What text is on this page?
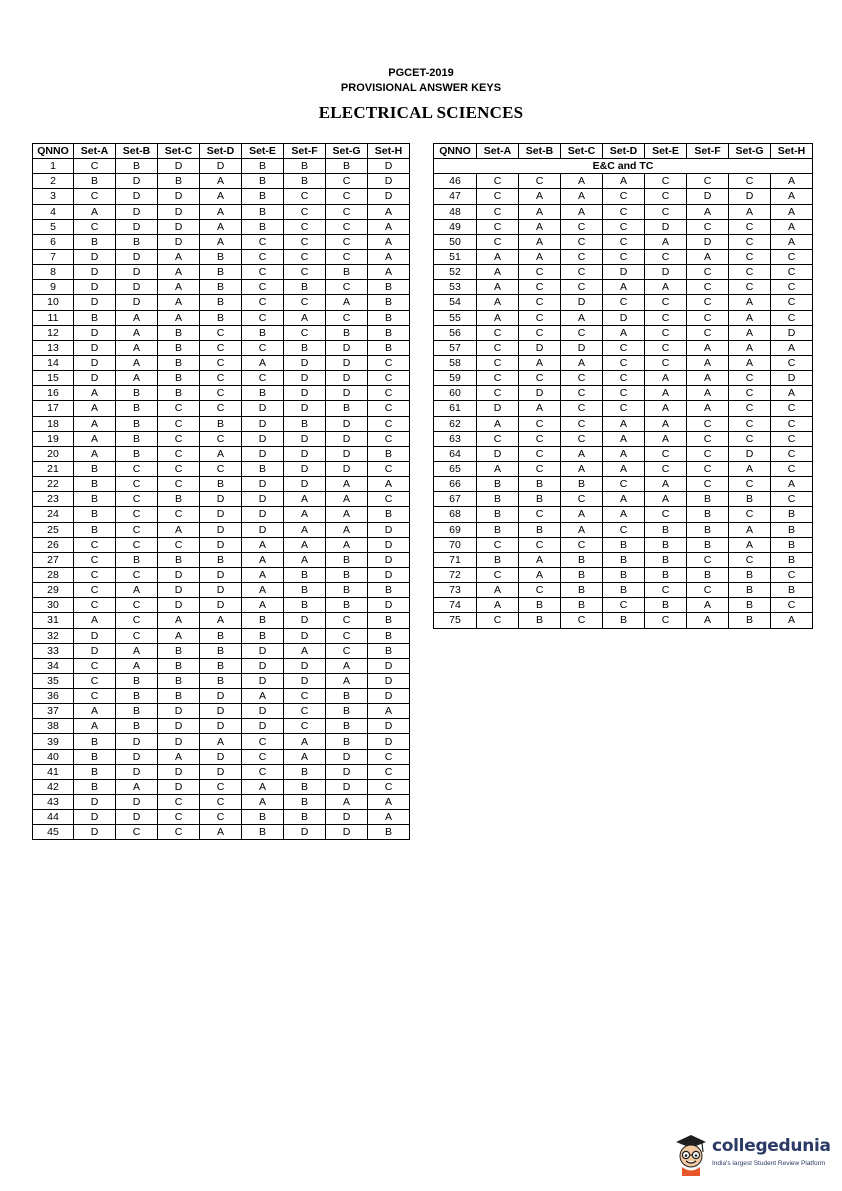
PGCET-2019
PROVISIONAL ANSWER KEYS
ELECTRICAL SCIENCES
QNNO	Set-A	Set-B	Set-C	Set-D	Set-E	Set-F	Set-G	Set-H
1	C	B	D	D	B	B	B	D
2	B	D	B	A	B	B	C	D
3	C	D	D	A	B	C	C	D
4	A	D	D	A	B	C	C	A
5	C	D	D	A	B	C	C	A
6	B	B	D	A	C	C	C	A
7	D	D	A	B	C	C	C	A
8	D	D	A	B	C	C	B	A
9	D	D	A	B	C	B	C	B
10	D	D	A	B	C	C	A	B
11	B	A	A	B	C	A	C	B
12	D	A	B	C	B	C	B	B
13	D	A	B	C	C	B	D	B
14	D	A	B	C	A	D	D	C
15	D	A	B	C	C	D	D	C
16	A	B	B	C	B	D	D	C
17	A	B	C	C	D	D	B	C
18	A	B	C	B	D	B	D	C
19	A	B	C	C	D	D	D	C
20	A	B	C	A	D	D	D	B
21	B	C	C	C	B	D	D	C
22	B	C	C	B	D	D	A	A
23	B	C	B	D	D	A	A	C
24	B	C	C	D	D	A	A	B
25	B	C	A	D	D	A	A	D
26	C	C	C	D	A	A	A	D
27	C	B	B	B	A	A	B	D
28	C	C	D	D	A	B	B	D
29	C	A	D	D	A	B	B	B
30	C	C	D	D	A	B	B	D
31	A	C	A	A	B	D	C	B
32	D	C	A	B	B	D	C	B
33	D	A	B	B	D	A	C	B
34	C	A	B	B	D	D	A	D
35	C	B	B	B	D	D	A	D
36	C	B	B	D	A	C	B	D
37	A	B	D	D	D	C	B	A
38	A	B	D	D	D	C	B	D
39	B	D	D	A	C	A	B	D
40	B	D	A	D	C	A	D	C
41	B	D	D	D	C	B	D	C
42	B	A	D	C	A	B	D	C
43	D	D	C	C	A	B	A	A
44	D	D	C	C	B	B	D	A
45	D	C	C	A	B	D	D	B
QNNO	Set-A	Set-B	Set-C	Set-D	Set-E	Set-F	Set-G	Set-H
E&C and TC								
46	C	C	A	A	C	C	C	A
47	C	A	A	C	C	D	D	A
48	C	A	A	C	C	A	A	A
49	C	A	C	C	D	C	C	A
50	C	A	C	C	A	D	C	A
51	A	A	C	C	C	A	C	C
52	A	C	C	D	D	C	C	C
53	A	C	C	A	A	C	C	C
54	A	C	D	C	C	C	A	C
55	A	C	A	D	C	C	A	C
56	C	C	C	A	C	C	A	D
57	C	D	D	C	C	A	A	A
58	C	A	A	C	C	A	A	C
59	C	C	C	C	A	A	C	D
60	C	D	C	C	A	A	C	A
61	D	A	C	C	A	A	C	C
62	A	C	C	A	A	C	C	C
63	C	C	C	A	A	C	C	C
64	D	C	A	A	C	C	D	C
65	A	C	A	A	C	C	A	C
66	B	B	B	C	A	C	C	A
67	B	B	C	A	A	B	B	C
68	B	C	A	A	C	B	C	B
69	B	B	A	C	B	B	A	B
70	C	C	C	B	B	B	A	B
71	B	A	B	B	B	C	C	B
72	C	A	B	B	B	B	B	C
73	A	C	B	B	C	C	B	B
74	A	B	B	C	B	A	B	C
75	C	B	C	B	C	A	B	A
collegedunia
India's largest Student Review Platform
